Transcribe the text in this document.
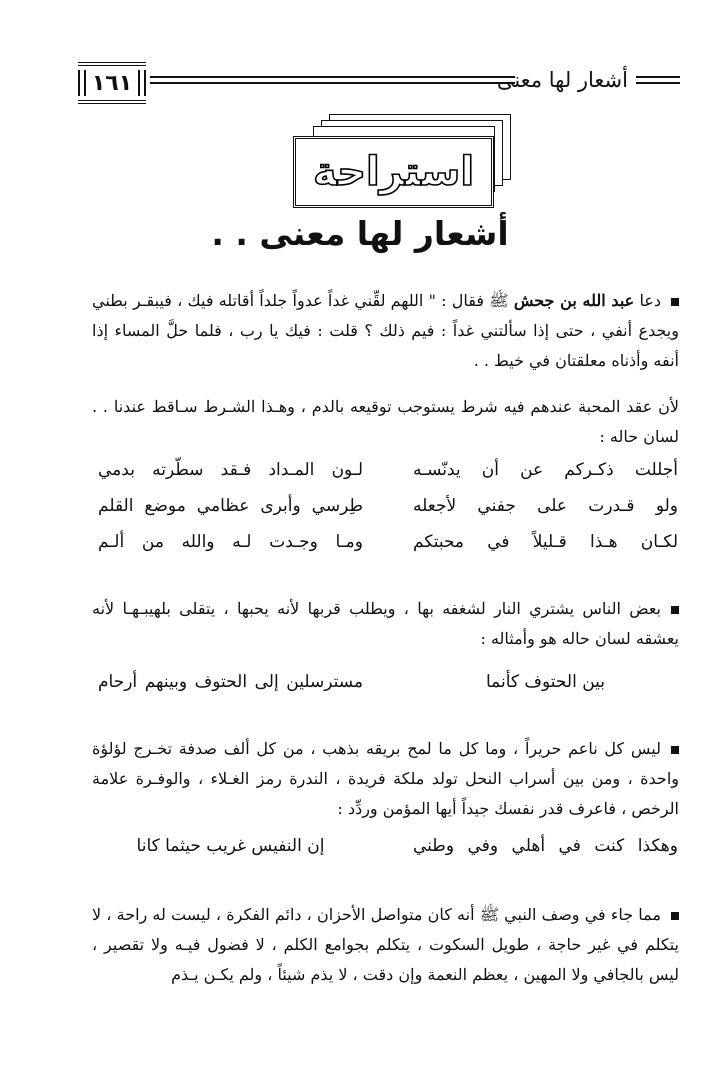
أشعار لها معنى
١٦١
استراحة
أشعار لها معنى . .
دعا عبد الله بن جحش ﷺ فقال : " اللهم لقِّني غداً عدواً جلداً أقاتله فيك ، فيبقـر بطني ويجدع أنفي ، حتى إذا سألتني غداً : فيم ذلك ؟ قلت : فيك يا رب ، فلما حلَّ المساء إذا أنفه وأذناه معلقتان في خيط . .
لأن عقد المحبة عندهم فيه شرط يستوجب توقيعه بالدم ، وهـذا الشـرط سـاقط عندنا . . لسان حاله :
أجللت ذكـركم عن أن يدنّسـه
لـون المـداد فـقد سطّرته بدمي
ولو قـدرت على جفني لأجعله
طِرسي وأبرى عظامي موضع القلم
لكـان هـذا قـليلاً في محبتكم
ومـا وجـدت لـه والله من ألـم
بعض الناس يشتري النار لشغفه بها ، ويطلب قربها لأنه يحبها ، يتقلى بلهيبـهـا لأنه يعشقه لسان حاله هو وأمثاله :
بين الحتوف كأنما
مسترسلين إلى الحتوف وبينهم أرحام
ليس كل ناعم حريراً ، وما كل ما لمح بريقه بذهب ، من كل ألف صدفة تخـرج لؤلؤة واحدة ، ومن بين أسراب النحل تولد ملكة فريدة ، الندرة رمز الغـلاء ، والوفـرة علامة الرخص ، فاعرف قدر نفسك جيداً أيها المؤمن وردِّد :
وهكذا كنت في أهلي وفي وطني
إن النفيس غريب حيثما كانا
مما جاء في وصف النبي ﷺ أنه كان متواصل الأحزان ، دائم الفكرة ، ليست له راحة ، لا يتكلم في غير حاجة ، طويل السكوت ، يتكلم بجوامع الكلم ، لا فضول فيـه ولا تقصير ، ليس بالجافي ولا المهين ، يعظم النعمة وإن دقت ، لا يذم شيئاً ، ولم يكـن يـذم
